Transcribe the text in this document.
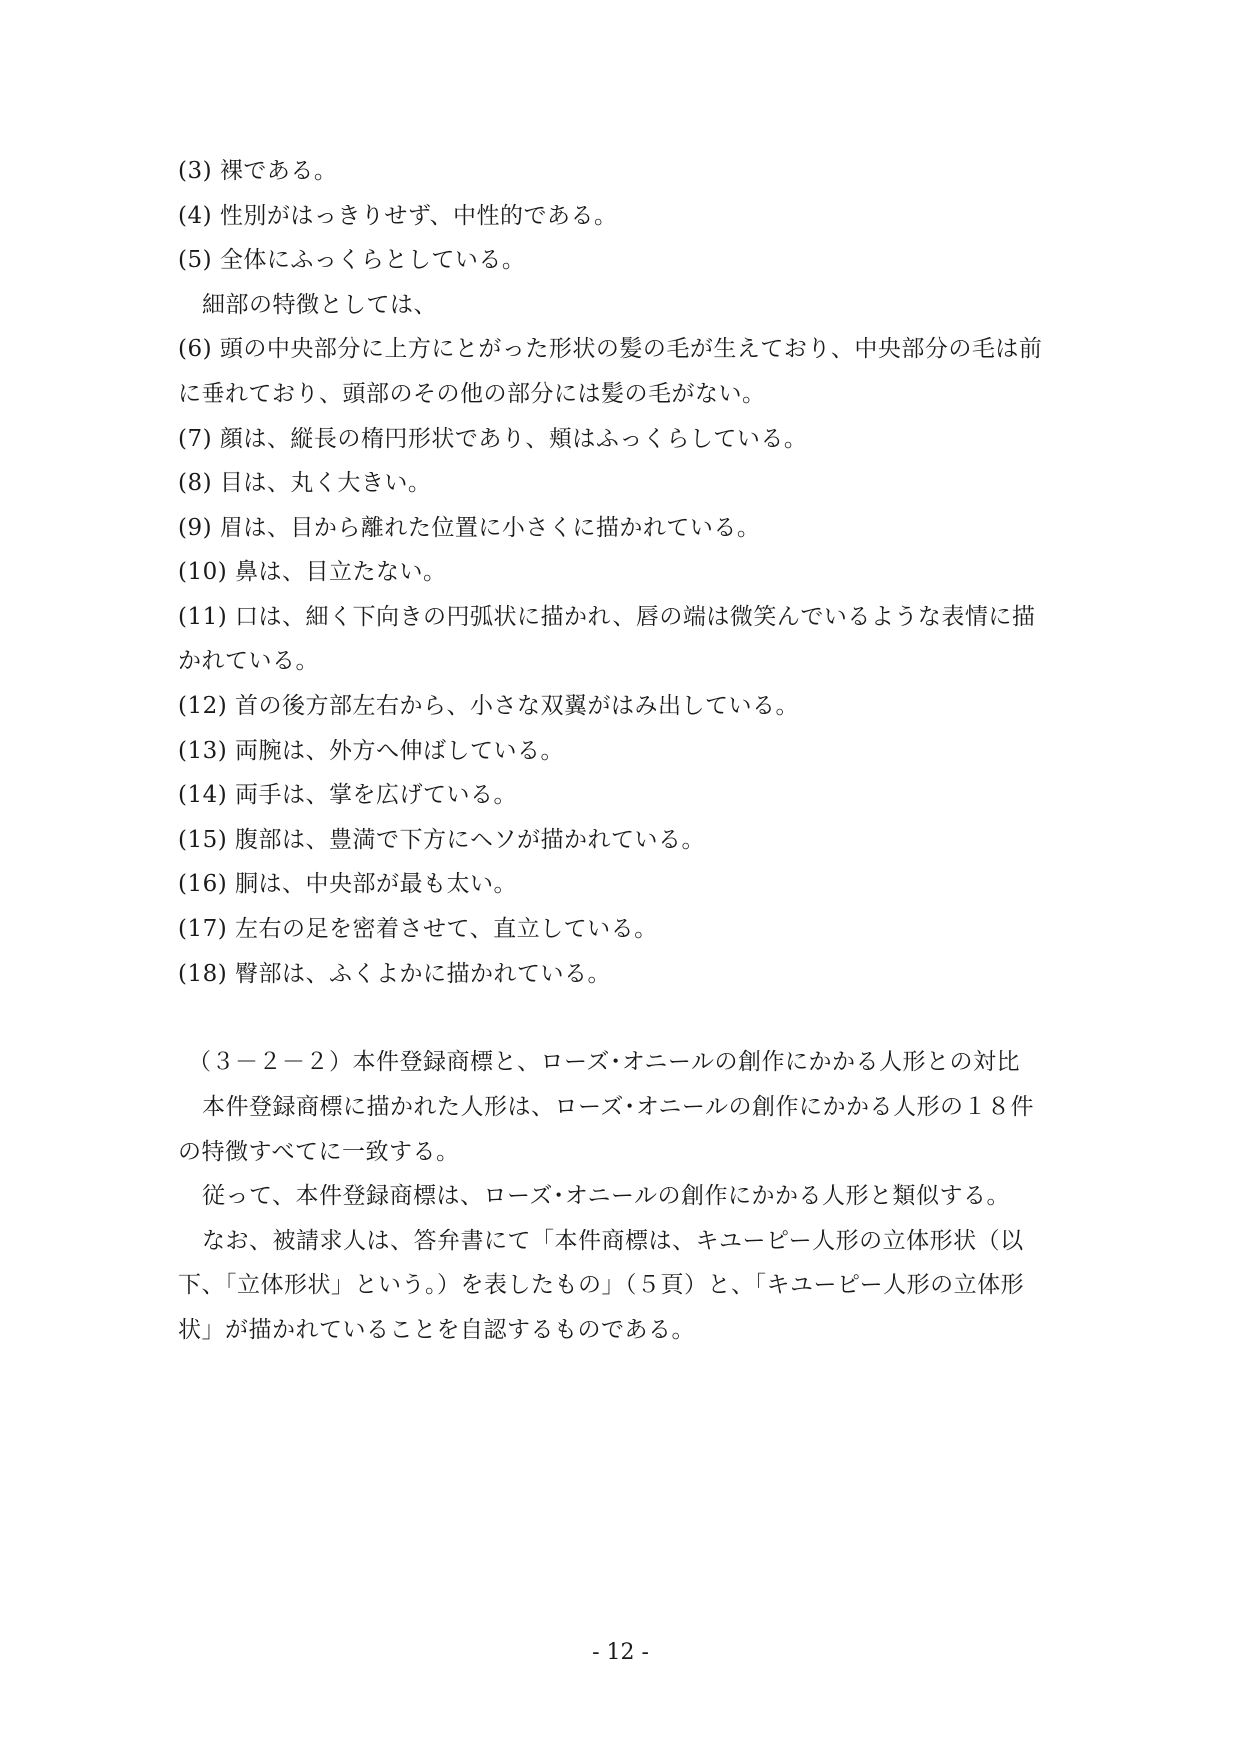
(3) 裸である。
(4) 性別がはっきりせず、中性的である。
(5) 全体にふっくらとしている。
細部の特徴としては、
(6) 頭の中央部分に上方にとがった形状の髪の毛が生えており、中央部分の毛は前
に垂れており、頭部のその他の部分には髪の毛がない。
(7) 顔は、縦長の楕円形状であり、頬はふっくらしている。
(8) 目は、丸く大きい。
(9) 眉は、目から離れた位置に小さくに描かれている。
(10) 鼻は、目立たない。
(11) 口は、細く下向きの円弧状に描かれ、唇の端は微笑んでいるような表情に描
かれている。
(12) 首の後方部左右から、小さな双翼がはみ出している。
(13) 両腕は、外方へ伸ばしている。
(14) 両手は、掌を広げている。
(15) 腹部は、豊満で下方にヘソが描かれている。
(16) 胴は、中央部が最も太い。
(17) 左右の足を密着させて、直立している。
(18) 臀部は、ふくよかに描かれている。
（３－２－２）本件登録商標と、ローズ･オニールの創作にかかる人形との対比
本件登録商標に描かれた人形は、ローズ･オニールの創作にかかる人形の１８件
の特徴すべてに一致する。
従って、本件登録商標は、ローズ･オニールの創作にかかる人形と類似する。
なお、被請求人は、答弁書にて「本件商標は、キユーピー人形の立体形状（以
下、「立体形状」という。）を表したもの」（５頁）と、「キユーピー人形の立体形
状」が描かれていることを自認するものである。
- 12 -
